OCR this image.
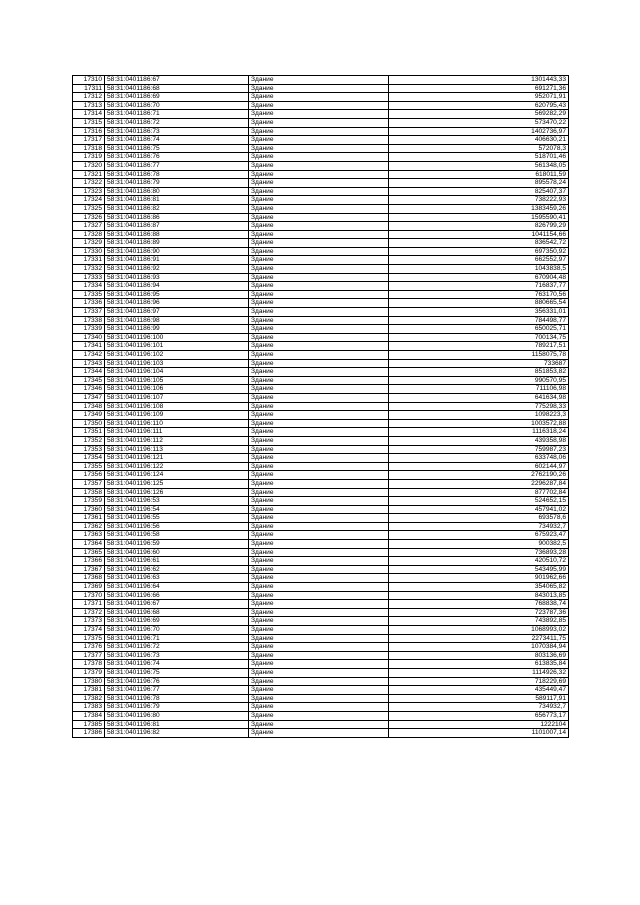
17310	58:31:0401186:67	Здание	1301443,33
17311	58:31:0401186:68	Здание	691271,36
17312	58:31:0401186:69	Здание	952071,91
17313	58:31:0401186:70	Здание	620795,43
17314	58:31:0401186:71	Здание	569282,29
17315	58:31:0401186:72	Здание	573470,22
17316	58:31:0401186:73	Здание	1402736,97
17317	58:31:0401186:74	Здание	406630,21
17318	58:31:0401186:75	Здание	572078,3
17319	58:31:0401186:76	Здание	518701,46
17320	58:31:0401186:77	Здание	561348,05
17321	58:31:0401186:78	Здание	618011,59
17322	58:31:0401186:79	Здание	895578,24
17323	58:31:0401186:80	Здание	825407,37
17324	58:31:0401186:81	Здание	738222,93
17325	58:31:0401186:82	Здание	1383459,26
17326	58:31:0401186:86	Здание	1595590,41
17327	58:31:0401186:87	Здание	826799,29
17328	58:31:0401186:88	Здание	1041154,66
17329	58:31:0401186:89	Здание	836542,72
17330	58:31:0401186:90	Здание	697350,92
17331	58:31:0401186:91	Здание	662552,97
17332	58:31:0401186:92	Здание	1043838,5
17333	58:31:0401186:93	Здание	670904,48
17334	58:31:0401186:94	Здание	716837,77
17335	58:31:0401186:95	Здание	763170,56
17336	58:31:0401186:96	Здание	880665,54
17337	58:31:0401186:97	Здание	356331,01
17338	58:31:0401186:98	Здание	784498,77
17339	58:31:0401186:99	Здание	650025,71
17340	58:31:0401196:100	Здание	700134,75
17341	58:31:0401196:101	Здание	789217,51
17342	58:31:0401196:102	Здание	1158075,78
17343	58:31:0401196:103	Здание	733687
17344	58:31:0401196:104	Здание	851853,82
17345	58:31:0401196:105	Здание	990570,95
17346	58:31:0401196:106	Здание	711106,98
17347	58:31:0401196:107	Здание	641634,98
17348	58:31:0401196:108	Здание	775298,33
17349	58:31:0401196:109	Здание	1098223,3
17350	58:31:0401196:110	Здание	1003572,88
17351	58:31:0401196:111	Здание	1116318,24
17352	58:31:0401196:112	Здание	439358,98
17353	58:31:0401196:113	Здание	759987,23
17354	58:31:0401196:121	Здание	633748,06
17355	58:31:0401196:122	Здание	602144,97
17356	58:31:0401196:124	Здание	2762190,26
17357	58:31:0401196:125	Здание	2296287,84
17358	58:31:0401196:126	Здание	877702,84
17359	58:31:0401196:53	Здание	524652,15
17360	58:31:0401196:54	Здание	457941,02
17361	58:31:0401196:55	Здание	693578,6
17362	58:31:0401196:56	Здание	734932,7
17363	58:31:0401196:58	Здание	675923,47
17364	58:31:0401196:59	Здание	900382,5
17365	58:31:0401196:60	Здание	736893,28
17366	58:31:0401196:61	Здание	420510,72
17367	58:31:0401196:62	Здание	543495,99
17368	58:31:0401196:63	Здание	901962,66
17369	58:31:0401196:64	Здание	354065,82
17370	58:31:0401196:66	Здание	843013,85
17371	58:31:0401196:67	Здание	768838,74
17372	58:31:0401196:68	Здание	723787,36
17373	58:31:0401196:69	Здание	743892,85
17374	58:31:0401196:70	Здание	1068993,02
17375	58:31:0401196:71	Здание	2273411,75
17376	58:31:0401196:72	Здание	1070384,94
17377	58:31:0401196:73	Здание	803136,69
17378	58:31:0401196:74	Здание	613835,84
17379	58:31:0401196:75	Здание	1114926,32
17380	58:31:0401196:76	Здание	718229,69
17381	58:31:0401196:77	Здание	435449,47
17382	58:31:0401196:78	Здание	589117,91
17383	58:31:0401196:79	Здание	734932,7
17384	58:31:0401196:80	Здание	656773,17
17385	58:31:0401196:81	Здание	1222104
17386	58:31:0401196:82	Здание	1101007,14
